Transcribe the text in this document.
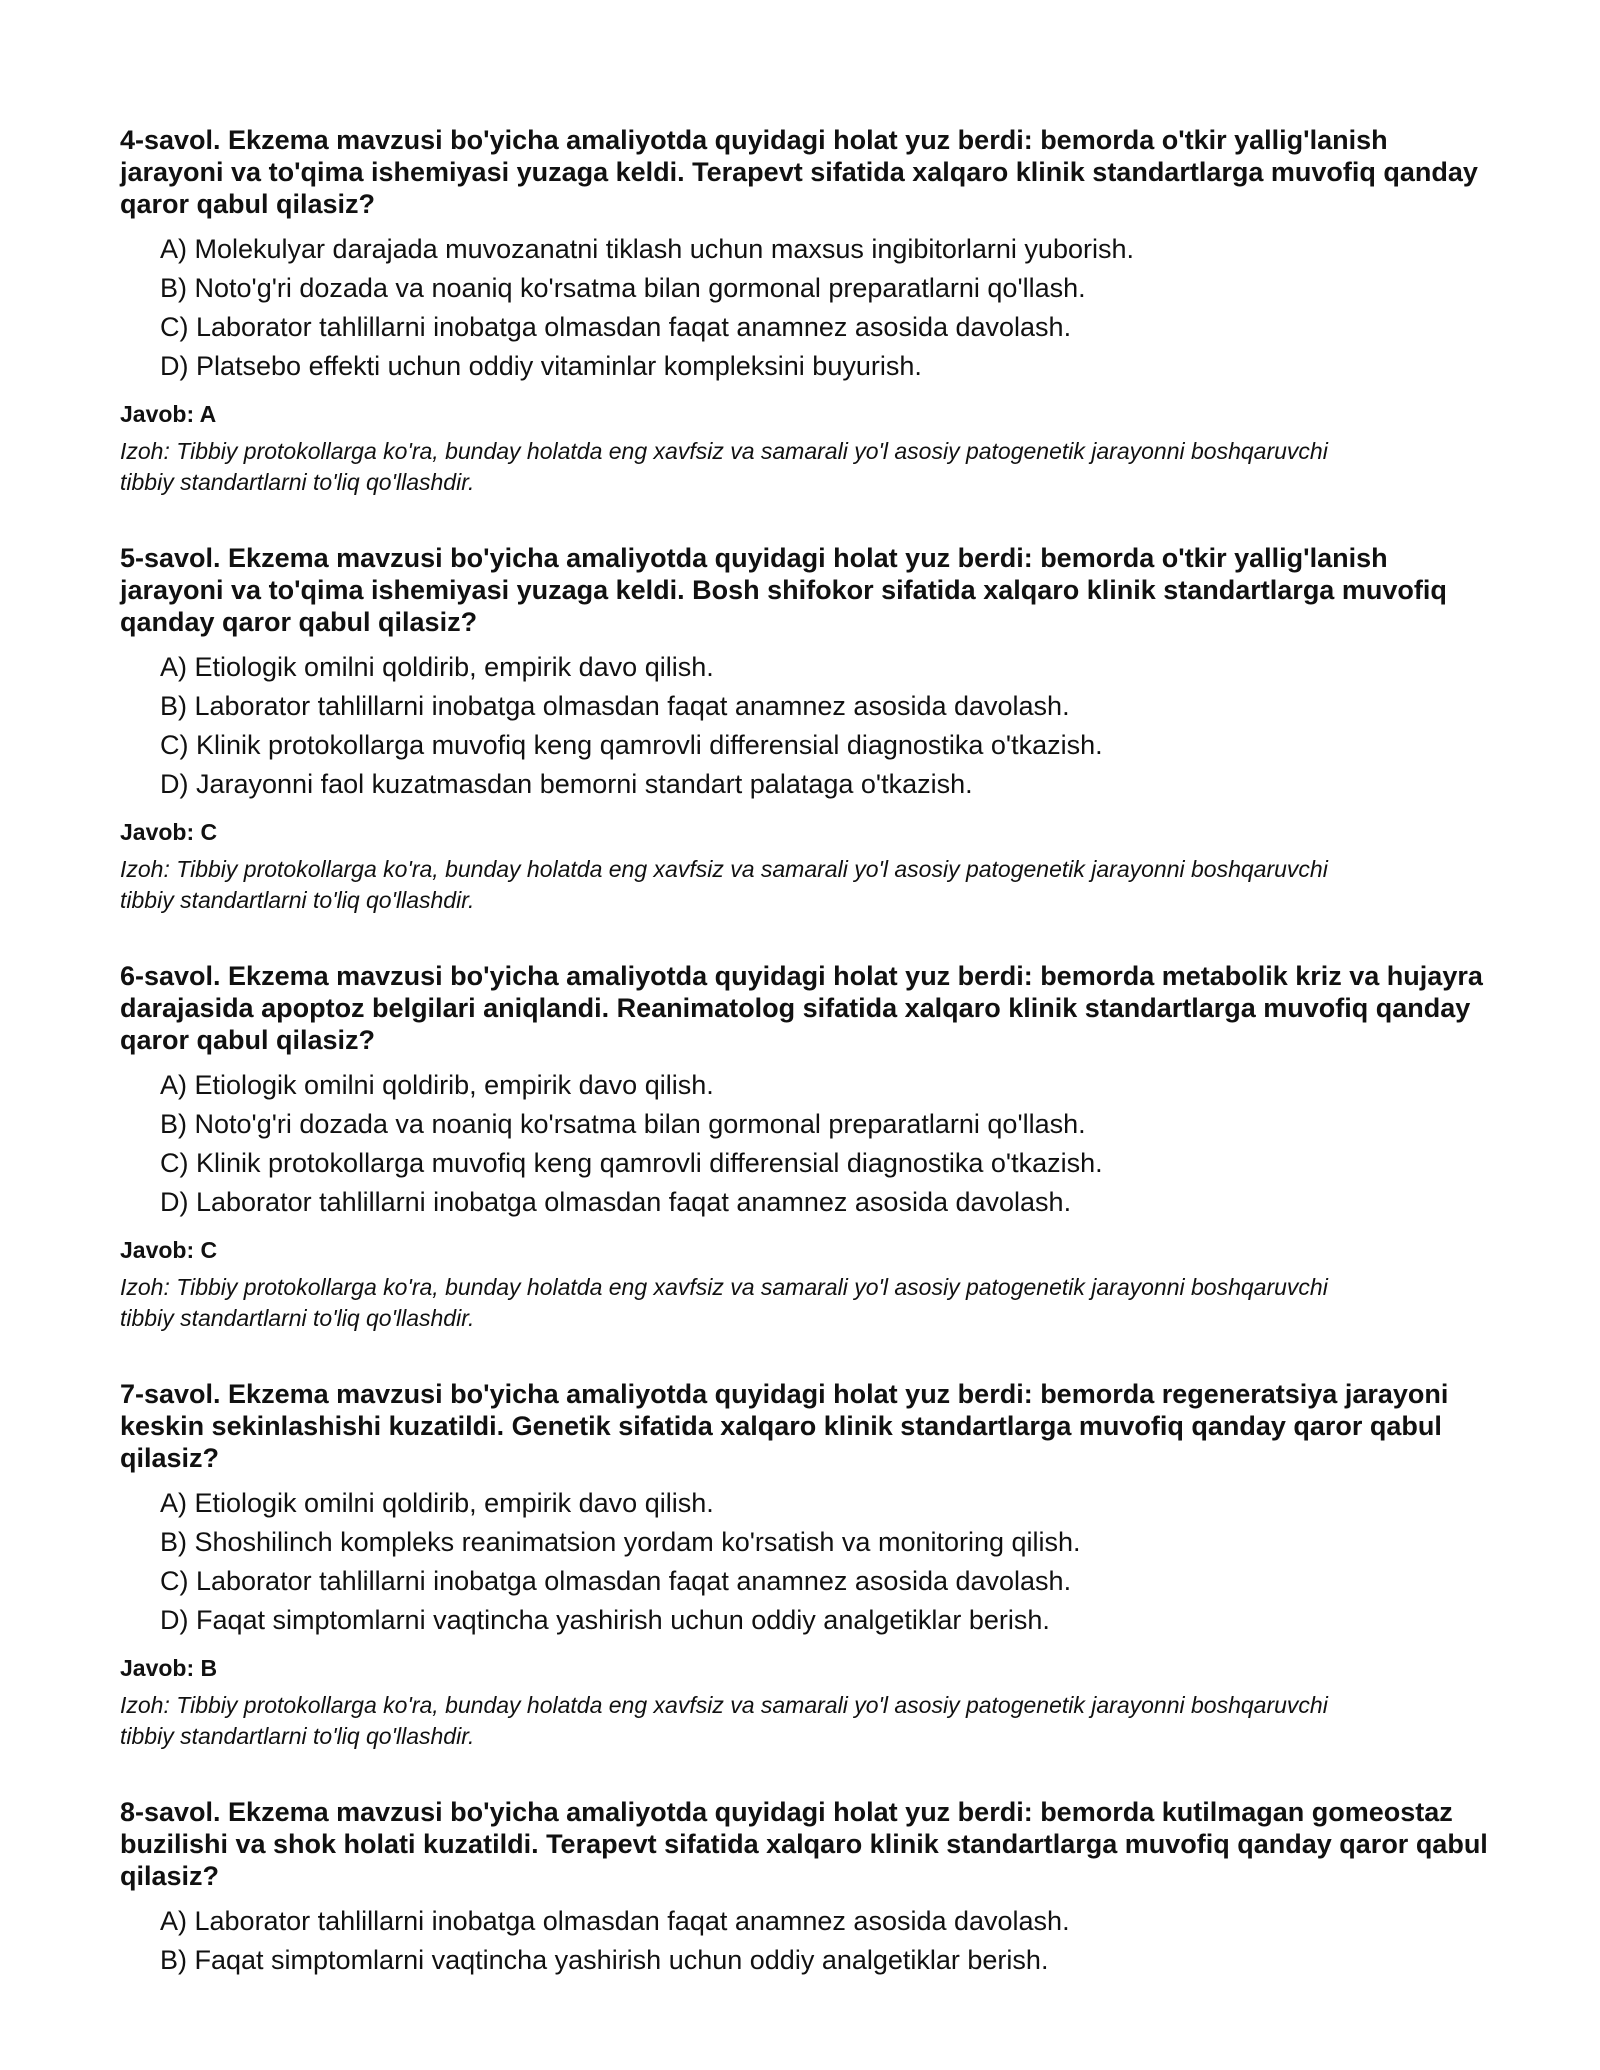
4-savol. Ekzema mavzusi bo'yicha amaliyotda quyidagi holat yuz berdi: bemorda o'tkir yallig'lanish jarayoni va to'qima ishemiyasi yuzaga keldi. Terapevt sifatida xalqaro klinik standartlarga muvofiq qanday qaror qabul qilasiz?

A) Molekulyar darajada muvozanatni tiklash uchun maxsus ingibitorlarni yuborish.
B) Noto'g'ri dozada va noaniq ko'rsatma bilan gormonal preparatlarni qo'llash.
C) Laborator tahlillarni inobatga olmasdan faqat anamnez asosida davolash.
D) Platsebo effekti uchun oddiy vitaminlar kompleksini buyurish.

Javob: A

Izoh: Tibbiy protokollarga ko'ra, bunday holatda eng xavfsiz va samarali yo'l asosiy patogenetik jarayonni boshqaruvchi tibbiy standartlarni to'liq qo'llashdir.

5-savol. Ekzema mavzusi bo'yicha amaliyotda quyidagi holat yuz berdi: bemorda o'tkir yallig'lanish jarayoni va to'qima ishemiyasi yuzaga keldi. Bosh shifokor sifatida xalqaro klinik standartlarga muvofiq qanday qaror qabul qilasiz?

A) Etiologik omilni qoldirib, empirik davo qilish.
B) Laborator tahlillarni inobatga olmasdan faqat anamnez asosida davolash.
C) Klinik protokollarga muvofiq keng qamrovli differensial diagnostika o'tkazish.
D) Jarayonni faol kuzatmasdan bemorni standart palataga o'tkazish.

Javob: C

Izoh: Tibbiy protokollarga ko'ra, bunday holatda eng xavfsiz va samarali yo'l asosiy patogenetik jarayonni boshqaruvchi tibbiy standartlarni to'liq qo'llashdir.

6-savol. Ekzema mavzusi bo'yicha amaliyotda quyidagi holat yuz berdi: bemorda metabolik kriz va hujayra darajasida apoptoz belgilari aniqlandi. Reanimatolog sifatida xalqaro klinik standartlarga muvofiq qanday qaror qabul qilasiz?

A) Etiologik omilni qoldirib, empirik davo qilish.
B) Noto'g'ri dozada va noaniq ko'rsatma bilan gormonal preparatlarni qo'llash.
C) Klinik protokollarga muvofiq keng qamrovli differensial diagnostika o'tkazish.
D) Laborator tahlillarni inobatga olmasdan faqat anamnez asosida davolash.

Javob: C

Izoh: Tibbiy protokollarga ko'ra, bunday holatda eng xavfsiz va samarali yo'l asosiy patogenetik jarayonni boshqaruvchi tibbiy standartlarni to'liq qo'llashdir.

7-savol. Ekzema mavzusi bo'yicha amaliyotda quyidagi holat yuz berdi: bemorda regeneratsiya jarayoni keskin sekinlashishi kuzatildi. Genetik sifatida xalqaro klinik standartlarga muvofiq qanday qaror qabul qilasiz?

A) Etiologik omilni qoldirib, empirik davo qilish.
B) Shoshilinch kompleks reanimatsion yordam ko'rsatish va monitoring qilish.
C) Laborator tahlillarni inobatga olmasdan faqat anamnez asosida davolash.
D) Faqat simptomlarni vaqtincha yashirish uchun oddiy analgetiklar berish.

Javob: B

Izoh: Tibbiy protokollarga ko'ra, bunday holatda eng xavfsiz va samarali yo'l asosiy patogenetik jarayonni boshqaruvchi tibbiy standartlarni to'liq qo'llashdir.

8-savol. Ekzema mavzusi bo'yicha amaliyotda quyidagi holat yuz berdi: bemorda kutilmagan gomeostaz buzilishi va shok holati kuzatildi. Terapevt sifatida xalqaro klinik standartlarga muvofiq qanday qaror qabul qilasiz?

A) Laborator tahlillarni inobatga olmasdan faqat anamnez asosida davolash.
B) Faqat simptomlarni vaqtincha yashirish uchun oddiy analgetiklar berish.
